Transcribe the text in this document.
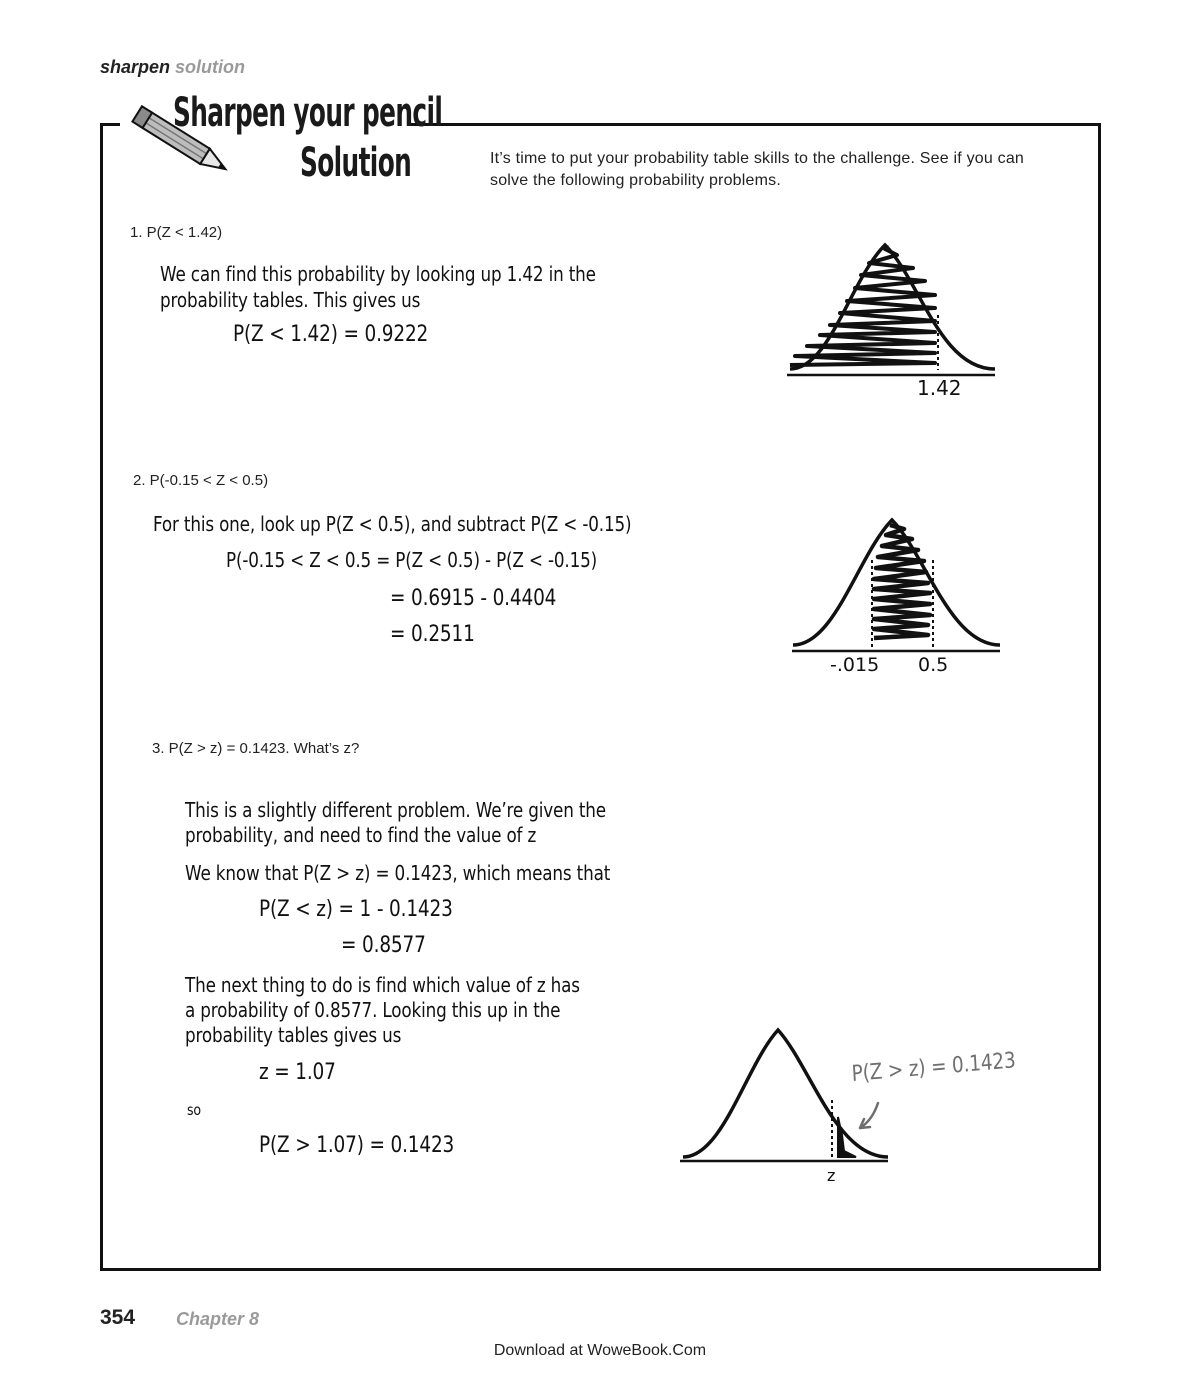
sharpen solution
Sharpen your pencil
Solution	It’s time to put your probability table skills to the challenge. See if you can solve the following probability problems.
1. P(Z < 1.42)
We can find this probability by looking up 1.42 in the
probability tables. This gives us
P(Z < 1.42) = 0.9222
1.42
2. P(-0.15 < Z < 0.5)
For this one, look up P(Z < 0.5), and subtract P(Z < -0.15)
P(-0.15 < Z < 0.5 = P(Z < 0.5) - P(Z < -0.15)
= 0.6915 - 0.4404
= 0.2511
-.015 0.5
3. P(Z > z) = 0.1423. What’s z?
This is a slightly different problem. We’re given the
probability, and need to find the value of z
We know that P(Z > z) = 0.1423, which means that
P(Z < z) = 1 - 0.1423
= 0.8577
The next thing to do is find which value of z has
a probability of 0.8577. Looking this up in the
probability tables gives us
z = 1.07
so
P(Z > 1.07) = 0.1423
P(Z > z) = 0.1423
z
354 Chapter 8
Download at WoweBook.Com
